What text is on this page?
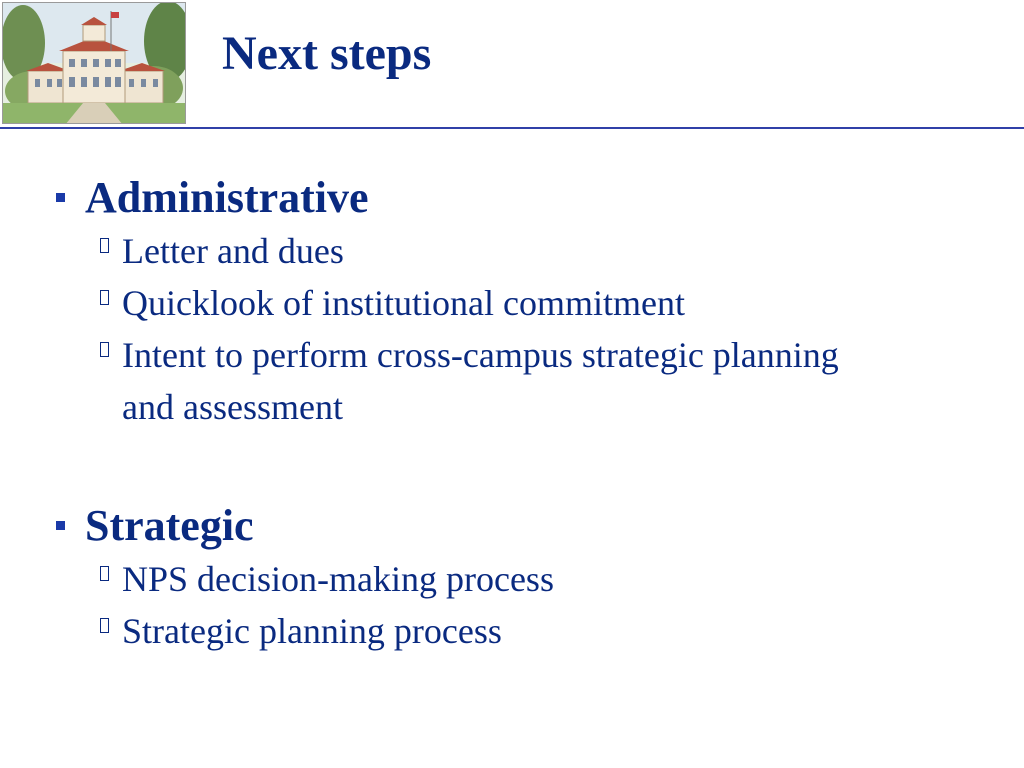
Next steps
Administrative
Letter and dues
Quicklook of institutional commitment
Intent to perform cross-campus strategic planning and assessment
Strategic
NPS decision-making process
Strategic planning process
